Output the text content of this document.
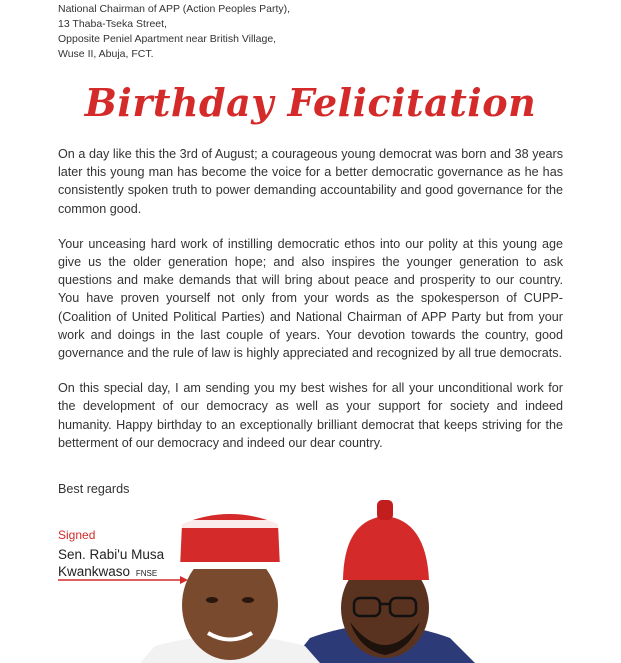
National Chairman of APP (Action Peoples Party),
13 Thaba-Tseka Street,
Opposite Peniel Apartment near British Village,
Wuse II, Abuja, FCT.
Birthday Felicitation

On a day like this the 3rd of August; a courageous young democrat was born and 38 years later this young man has become the voice for a better democratic governance as he has consistently spoken truth to power demanding accountability and good governance for the common good.

Your unceasing hard work of instilling democratic ethos into our polity at this young age give us the older generation hope; and also inspires the younger generation to ask questions and make demands that will bring about peace and prosperity to our country. You have proven yourself not only from your words as the spokesperson of CUPP- (Coalition of United Political Parties) and National Chairman of APP Party but from your work and doings in the last couple of years. Your devotion towards the country, good governance and the rule of law is highly appreciated and recognized by all true democrats.

On this special day, I am sending you my best wishes for all your unconditional work for the development of our democracy as well as your support for society and indeed humanity. Happy birthday to an exceptionally brilliant democrat that keeps striving for the betterment of our democracy and indeed our dear country.

Best regards
Signed
Sen. Rabi'u Musa
Kwankwaso FNSE
